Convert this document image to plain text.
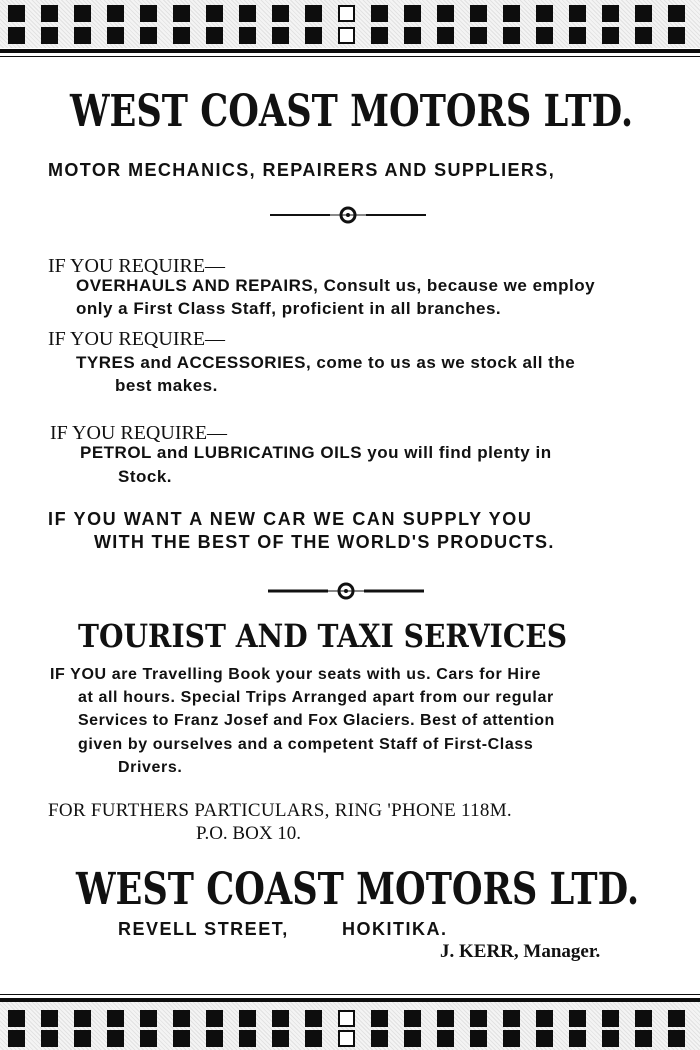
WEST COAST MOTORS LTD.
MOTOR MECHANICS, REPAIRERS AND SUPPLIERS,
IF YOU REQUIRE—
OVERHAULS AND REPAIRS, Consult us, because we employ
only a First Class Staff, proficient in all branches.
IF YOU REQUIRE—
TYRES and ACCESSORIES, come to us as we stock all the
best makes.
IF YOU REQUIRE—
PETROL and LUBRICATING OILS you will find plenty in
Stock.
IF YOU WANT A NEW CAR WE CAN SUPPLY YOU
WITH THE BEST OF THE WORLD'S PRODUCTS.
TOURIST AND TAXI SERVICES
IF YOU are Travelling Book your seats with us. Cars for Hire
at all hours. Special Trips Arranged apart from our regular
Services to Franz Josef and Fox Glaciers. Best of attention
given by ourselves and a competent Staff of First-Class
Drivers.
FOR FURTHERS PARTICULARS, RING 'PHONE 118M.
P.O. BOX 10.
WEST COAST MOTORS LTD.
REVELL STREET,	HOKITIKA.
J. KERR, Manager.
